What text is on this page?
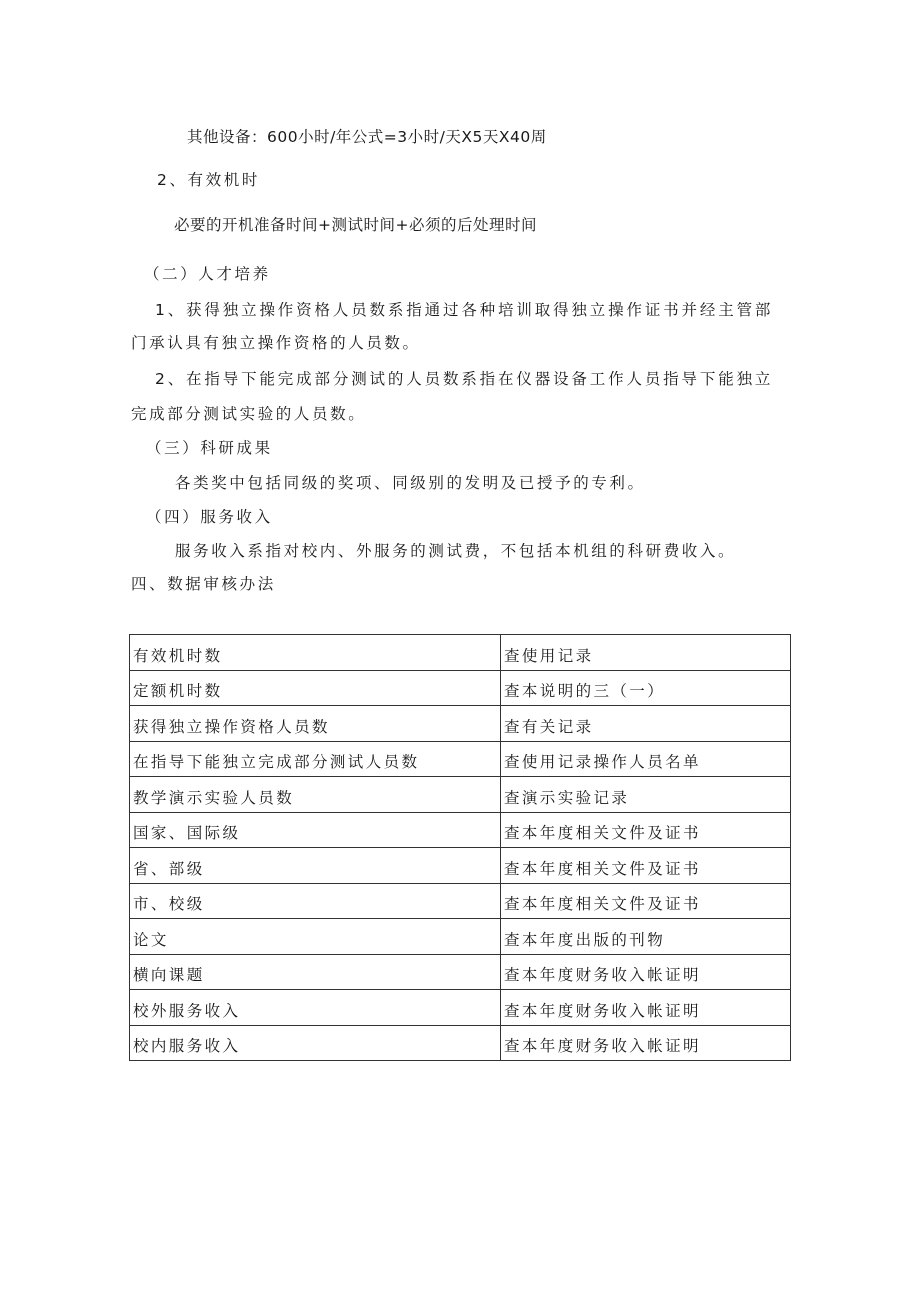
其他设备：600小时/年公式=3小时/天X5天X40周
2、有效机时
必要的开机准备时间+测试时间+必须的后处理时间
（二）人才培养
1、获得独立操作资格人员数系指通过各种培训取得独立操作证书并经主管部
门承认具有独立操作资格的人员数。
2、在指导下能完成部分测试的人员数系指在仪器设备工作人员指导下能独立
完成部分测试实验的人员数。
（三）科研成果
各类奖中包括同级的奖项、同级别的发明及已授予的专利。
（四）服务收入
服务收入系指对校内、外服务的测试费，不包括本机组的科研费收入。
四、数据审核办法
有效机时数	查使用记录
定额机时数	查本说明的三（一）
获得独立操作资格人员数	查有关记录
在指导下能独立完成部分测试人员数	查使用记录操作人员名单
教学演示实验人员数	查演示实验记录
国家、国际级	查本年度相关文件及证书
省、部级	查本年度相关文件及证书
市、校级	查本年度相关文件及证书
论文	查本年度出版的刊物
横向课题	查本年度财务收入帐证明
校外服务收入	查本年度财务收入帐证明
校内服务收入	查本年度财务收入帐证明
